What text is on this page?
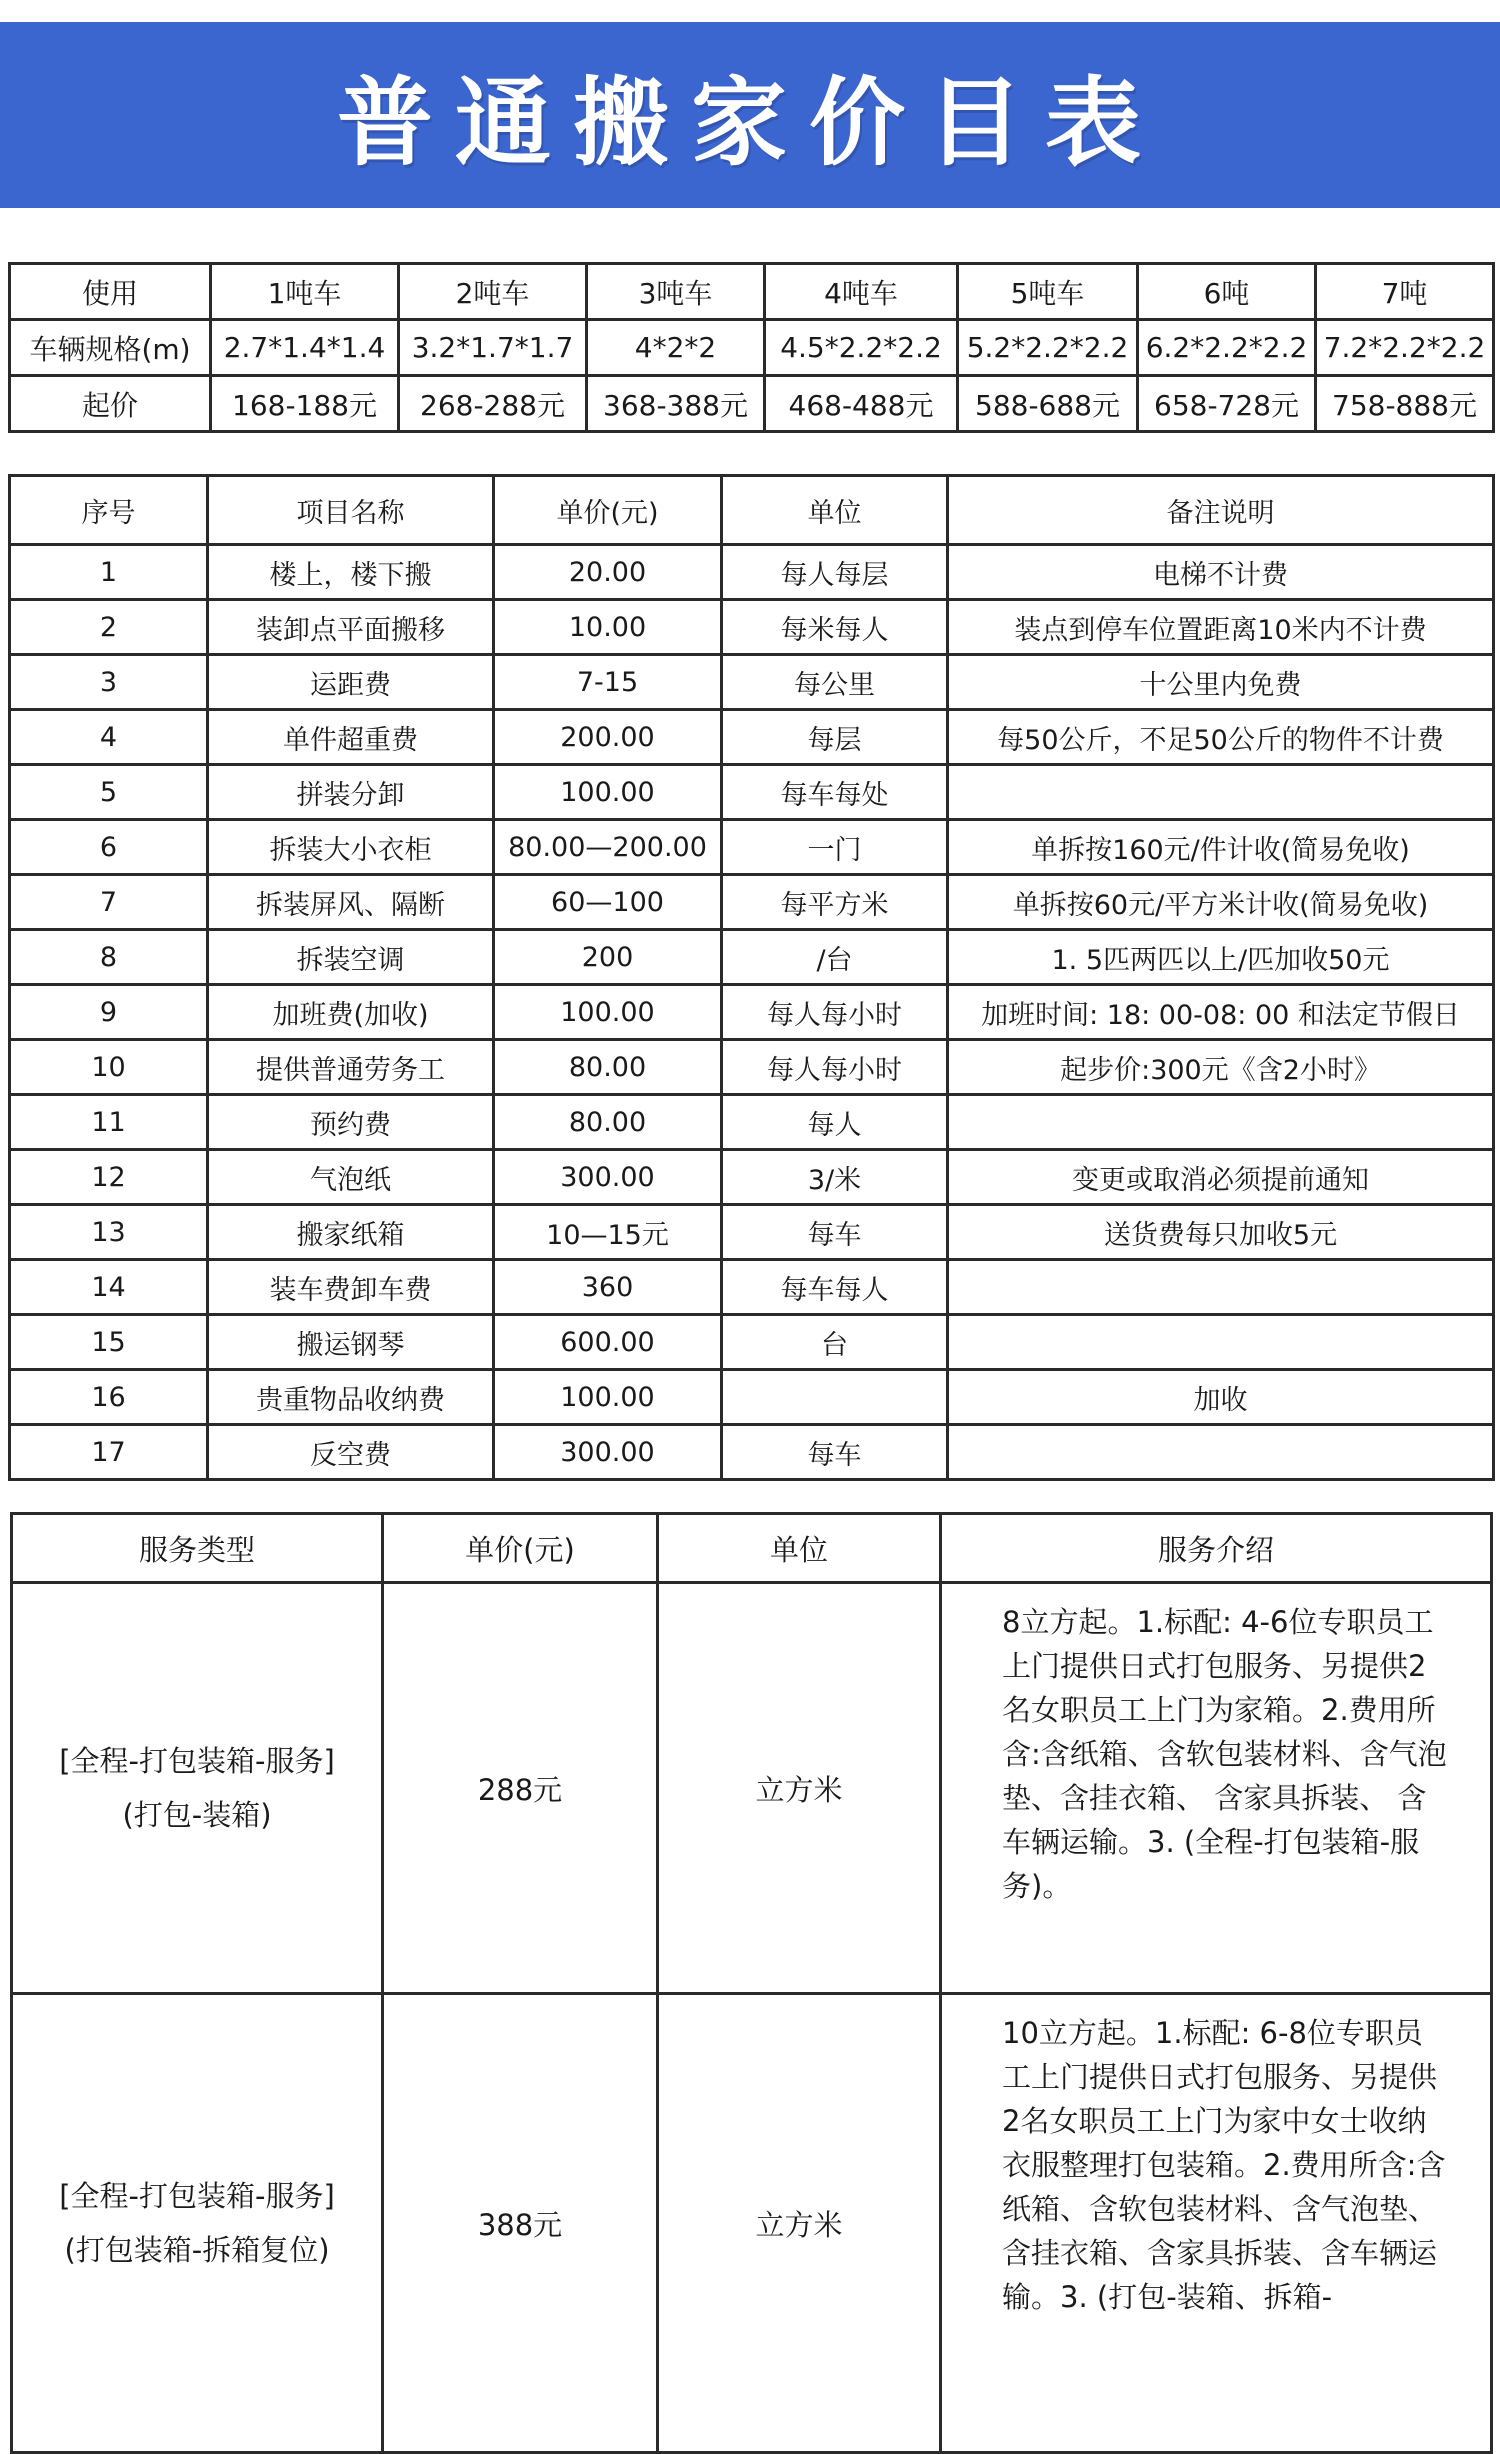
普通搬家价目表
使用	1吨车	2吨车	3吨车	4吨车	5吨车	6吨	7吨
车辆规格(m)	2.7*1.4*1.4	3.2*1.7*1.7	4*2*2	4.5*2.2*2.2	5.2*2.2*2.2	6.2*2.2*2.2	7.2*2.2*2.2
起价	168-188元	268-288元	368-388元	468-488元	588-688元	658-728元	758-888元
序号	项目名称	单价(元)	单位	备注说明
1	楼上，楼下搬	20.00	每人每层	电梯不计费
2	装卸点平面搬移	10.00	每米每人	装点到停车位置距离10米内不计费
3	运距费	7-15	每公里	十公里内免费
4	单件超重费	200.00	每层	每50公斤，不足50公斤的物件不计费
5	拼装分卸	100.00	每车每处	
6	拆装大小衣柜	80.00—200.00	一门	单拆按160元/件计收(简易免收)
7	拆装屏风、隔断	60—100	每平方米	单拆按60元/平方米计收(简易免收)
8	拆装空调	200	/台	1. 5匹两匹以上/匹加收50元
9	加班费(加收)	100.00	每人每小时	加班时间: 18: 00-08: 00 和法定节假日
10	提供普通劳务工	80.00	每人每小时	起步价:300元《含2小时》
11	预约费	80.00	每人	
12	气泡纸	300.00	3/米	变更或取消必须提前通知
13	搬家纸箱	10—15元	每车	送货费每只加收5元
14	装车费卸车费	360	每车每人	
15	搬运钢琴	600.00	台	
16	贵重物品收纳费	100.00		加收
17	反空费	300.00	每车	
服务类型	单价(元)	单位	服务介绍

[全程-打包装箱-服务]
(打包-装箱)	288元	立方米	8立方起。1.标配: 4-6位专职员工上门提供日式打包服务、另提供2名女职员工上门为家箱。2.费用所含:含纸箱、含软包装材料、含气泡垫、含挂衣箱、 含家具拆装、 含车辆运输。3. (全程-打包装箱-服务)。

[全程-打包装箱-服务]
(打包装箱-拆箱复位)	388元	立方米	10立方起。1.标配: 6-8位专职员工上门提供日式打包服务、另提供2名女职员工上门为家中女士收纳衣服整理打包装箱。2.费用所含:含纸箱、含软包装材料、含气泡垫、含挂衣箱、含家具拆装、含车辆运输。3. (打包-装箱、拆箱-
